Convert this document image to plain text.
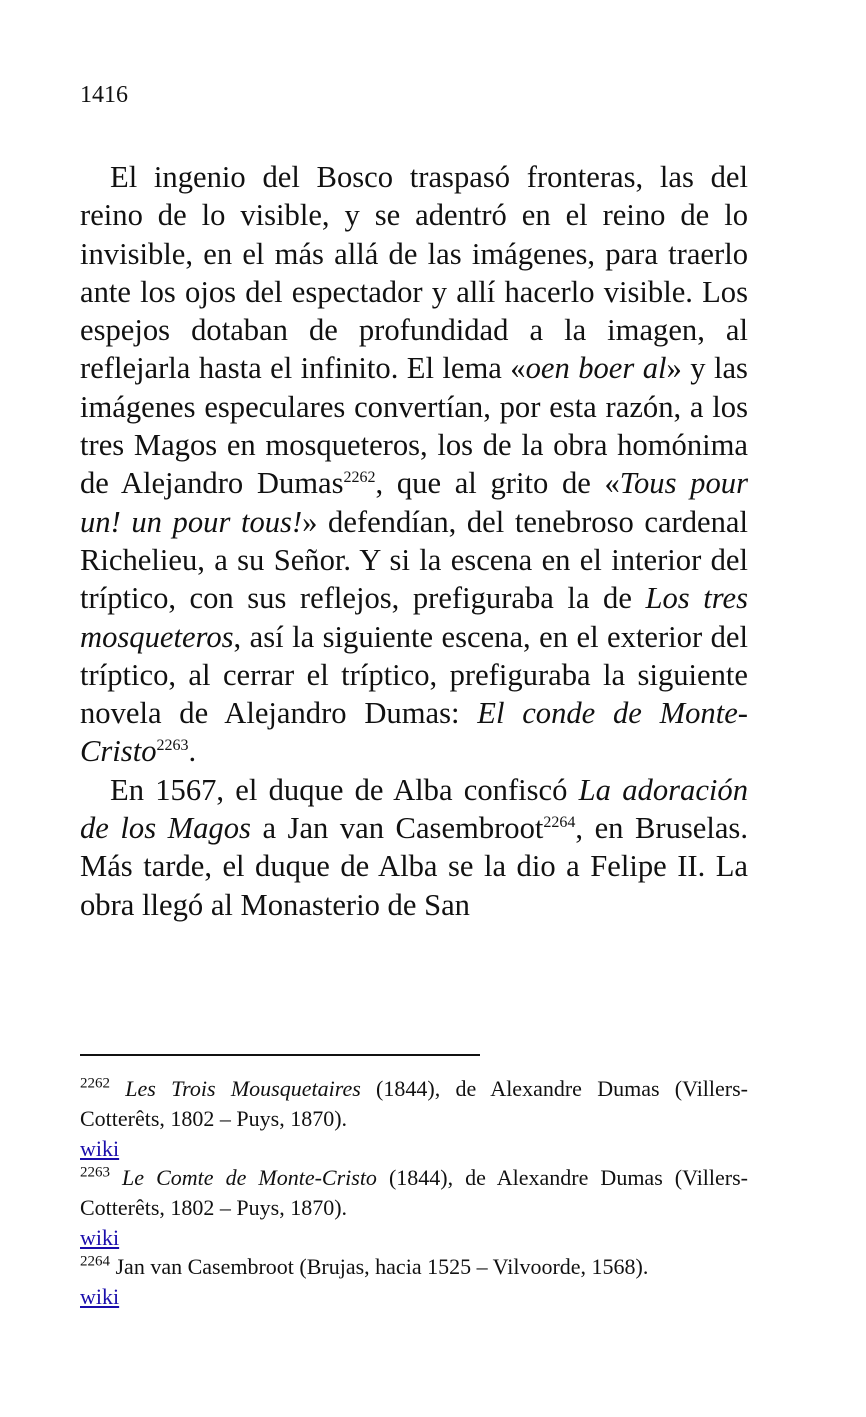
1416

El ingenio del Bosco traspasó fronteras, las del reino de lo visible, y se adentró en el reino de lo invisible, en el más allá de las imágenes, para traerlo ante los ojos del espectador y allí hacerlo visible. Los espejos dotaban de profundidad a la imagen, al reflejarla hasta el infinito. El lema «oen boer al» y las imágenes especulares convertían, por esta razón, a los tres Magos en mosqueteros, los de la obra homónima de Alejandro Dumas$^{2262}$, que al grito de «Tous pour un! un pour tous!» defendían, del tenebroso cardenal Richelieu, a su Señor. Y si la escena en el interior del tríptico, con sus reflejos, prefiguraba la de Los tres mosqueteros, así la siguiente escena, en el exterior del tríptico, al cerrar el tríptico, prefiguraba la siguiente novela de Alejandro Dumas: El conde de Monte-Cristo$^{2263}$.

En 1567, el duque de Alba confiscó La adoración de los Magos a Jan van Casembroot$^{2264}$, en Bruselas. Más tarde, el duque de Alba se la dio a Felipe II. La obra llegó al Monasterio de San

$^{2262}$ Les Trois Mousquetaires (1844), de Alexandre Dumas (Villers-Cotterêts, 1802 – Puys, 1870).

wiki

$^{2263}$ Le Comte de Monte-Cristo (1844), de Alexandre Dumas (Villers-Cotterêts, 1802 – Puys, 1870).

wiki

$^{2264}$ Jan van Casembroot (Brujas, hacia 1525 – Vilvoorde, 1568).

wiki
